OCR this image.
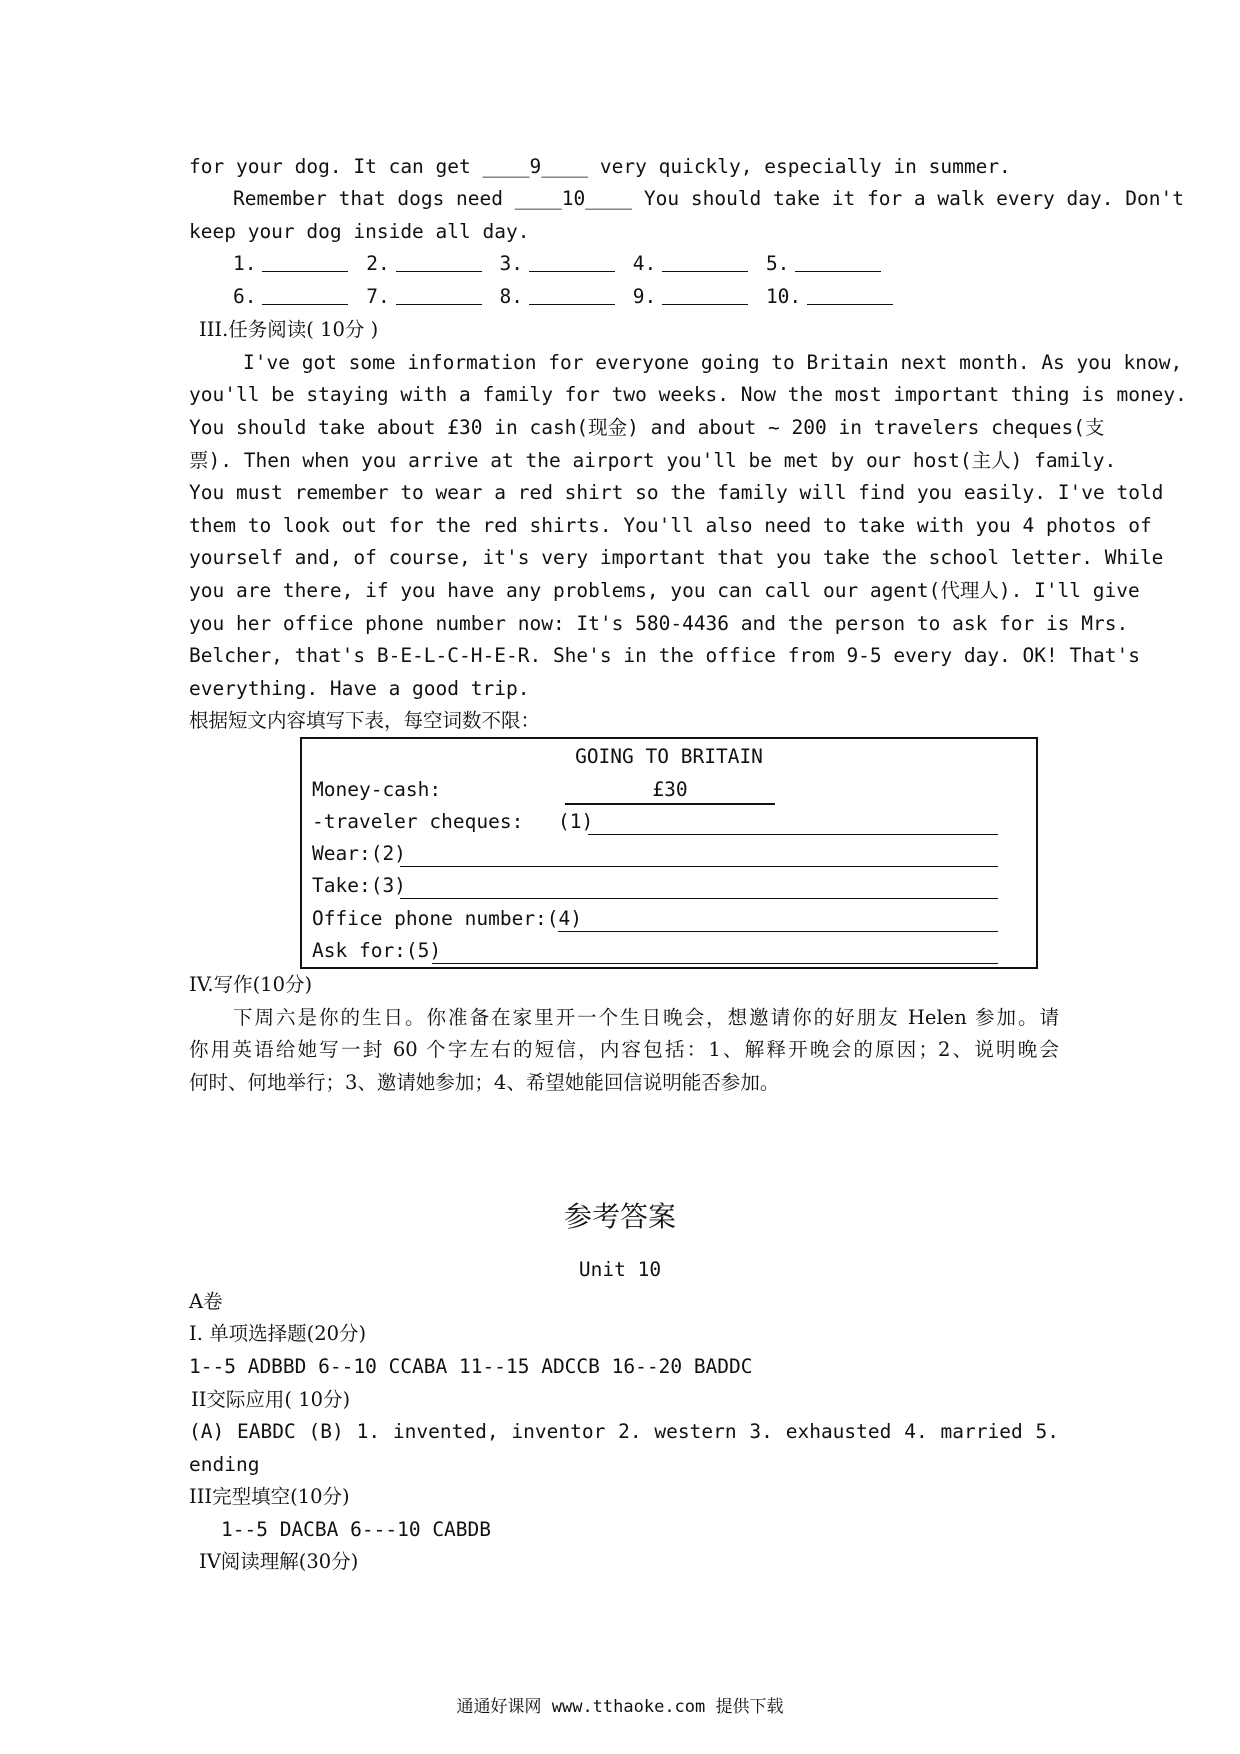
for your dog. It can get ____9____ very quickly, especially in summer.
Remember that dogs need ____10____ You should take it for a walk every day. Don't
keep your dog inside all day.
1.	2.	3.	4.	5.
6.	7.	8.	9.	10.
III.任务阅读( 10分 )
I've got some information for everyone going to Britain next month. As you know,
you'll be staying with a family for two weeks. Now the most important thing is money.
You should take about £30 in cash(现金) and about ~ 200 in travelers cheques(支
票). Then when you arrive at the airport you'll be met by our host(主人) family.
You must remember to wear a red shirt so the family will find you easily. I've told
them to look out for the red shirts. You'll also need to take with you 4 photos of
yourself and, of course, it's very important that you take the school letter. While
you are there, if you have any problems, you can call our agent(代理人). I'll give
you her office phone number now: It's 580-4436 and the person to ask for is Mrs.
Belcher, that's B-E-L-C-H-E-R. She's in the office from 9-5 every day. OK! That's
everything. Have a good trip.
根据短文内容填写下表，每空词数不限：
GOING TO BRITAIN
Money-cash:	£30
-traveler cheques: (1)
Wear:(2)
Take:(3)
Office phone number:(4)
Ask for:(5)
IV.写作(10分)
下周六是你的生日。你准备在家里开一个生日晚会，想邀请你的好朋友 Helen 参加。请
你用英语给她写一封 60 个字左右的短信，内容包括：1、解释开晚会的原因；2、说明晚会
何时、何地举行；3、邀请她参加；4、希望她能回信说明能否参加。
参考答案
Unit 10
A卷
I. 单项选择题(20分)
1--5 ADBBD 6--10 CCABA 11--15 ADCCB 16--20 BADDC
II交际应用( 10分)
(A) EABDC (B) 1. invented, inventor 2. western 3. exhausted 4. married 5.
ending
III完型填空(10分)
1--5 DACBA 6---10 CABDB
IV阅读理解(30分)
通通好课网 www.tthaoke.com 提供下载
